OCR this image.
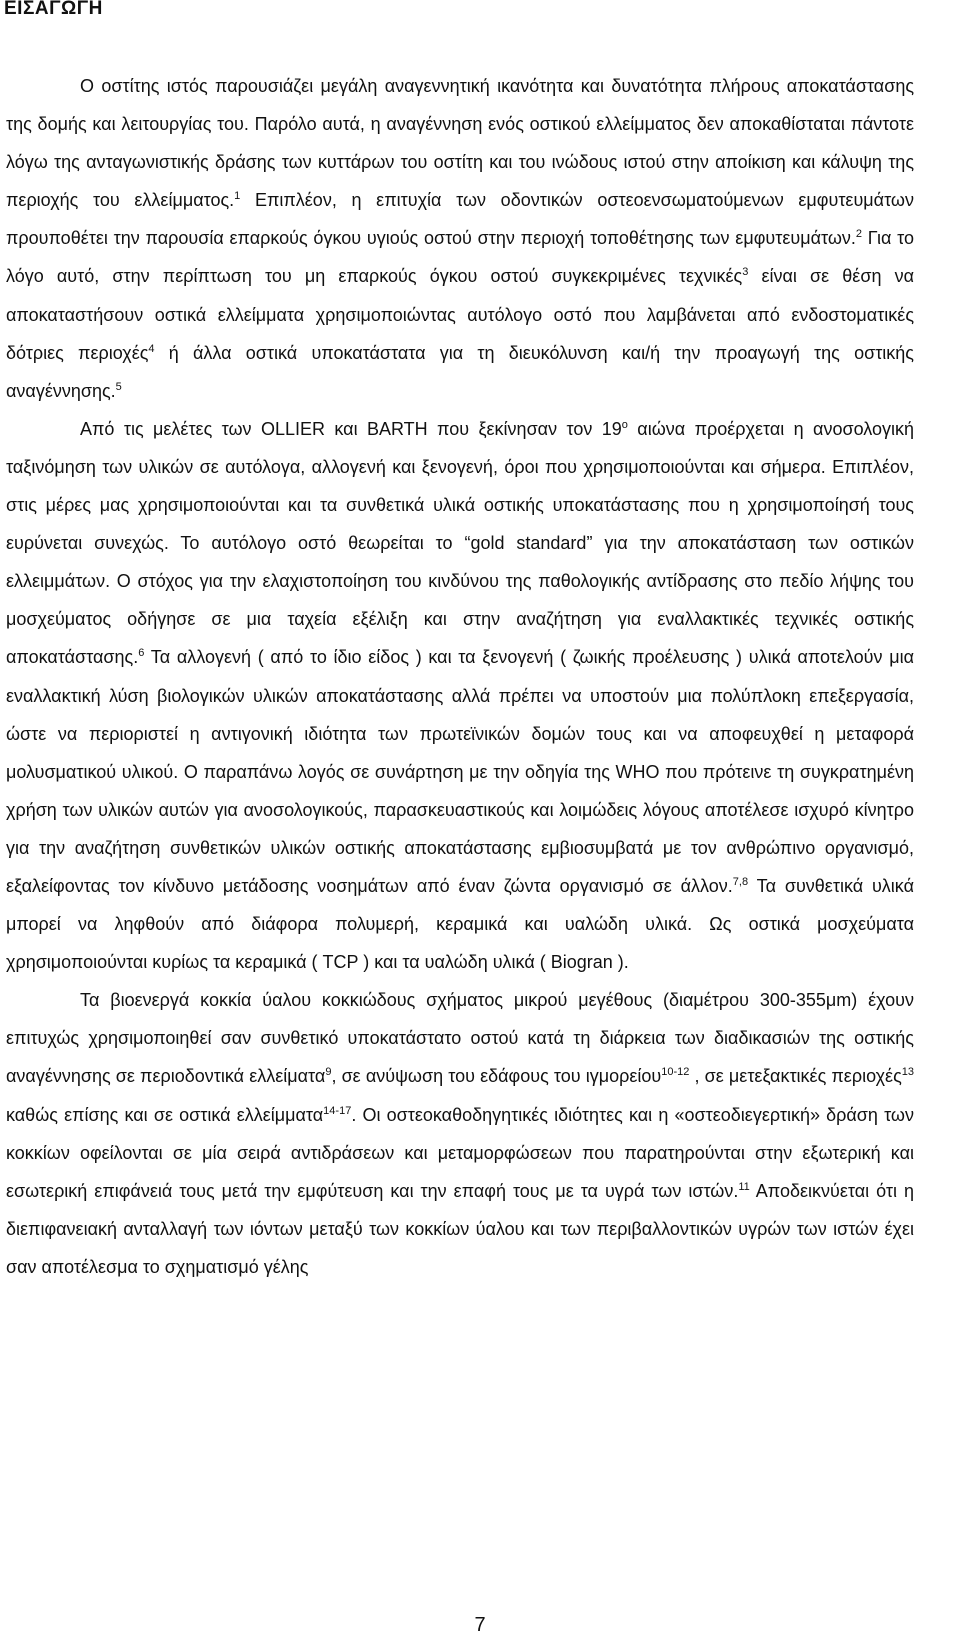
ΕΙΣΑΓΩΓΗ

Ο οστίτης ιστός παρουσιάζει μεγάλη αναγεννητική ικανότητα και δυνατότητα πλήρους αποκατάστασης της δομής και λειτουργίας του. Παρόλο αυτά, η αναγέννηση ενός οστικού ελλείμματος δεν αποκαθίσταται πάντοτε λόγω της ανταγωνιστικής δράσης των κυττάρων του οστίτη και του ινώδους ιστού στην αποίκιση και κάλυψη της περιοχής του ελλείμματος.$^1$ Επιπλέον, η επιτυχία των οδοντικών οστεοενσωματούμενων εμφυτευμάτων προυποθέτει την παρουσία επαρκούς όγκου υγιούς οστού στην περιοχή τοποθέτησης των εμφυτευμάτων.$^2$ Για το λόγο αυτό, στην περίπτωση του μη επαρκούς όγκου οστού συγκεκριμένες τεχνικές$^3$ είναι σε θέση να αποκαταστήσουν οστικά ελλείμματα χρησιμοποιώντας αυτόλογο οστό που λαμβάνεται από ενδοστοματικές δότριες περιοχές$^4$ ή άλλα οστικά υποκατάστατα για τη διευκόλυνση και/ή την προαγωγή της οστικής αναγέννησης.$^5$

Από τις μελέτες των OLLIER και BARTH που ξεκίνησαν τον $19^o$ αιώνα προέρχεται η ανοσολογική ταξινόμηση των υλικών σε αυτόλογα, αλλογενή και ξενογενή, όροι που χρησιμοποιούνται και σήμερα. Επιπλέον, στις μέρες μας χρησιμοποιούνται και τα συνθετικά υλικά οστικής υποκατάστασης που η χρησιμοποίησή τους ευρύνεται συνεχώς. Το αυτόλογο οστό θεωρείται το “gold standard” για την αποκατάσταση των οστικών ελλειμμάτων. Ο στόχος για την ελαχιστοποίηση του κινδύνου της παθολογικής αντίδρασης στο πεδίο λήψης του μοσχεύματος οδήγησε σε μια ταχεία εξέλιξη και στην αναζήτηση για εναλλακτικές τεχνικές οστικής αποκατάστασης.$^6$ Τα αλλογενή ( από το ίδιο είδος ) και τα ξενογενή ( ζωικής προέλευσης ) υλικά αποτελούν μια εναλλακτική λύση βιολογικών υλικών αποκατάστασης αλλά πρέπει να υποστούν μια πολύπλοκη επεξεργασία, ώστε να περιοριστεί η αντιγονική ιδιότητα των πρωτεϊνικών δομών τους και να αποφευχθεί η μεταφορά μολυσματικού υλικού. Ο παραπάνω λογός σε συνάρτηση με την οδηγία της WHO που πρότεινε τη συγκρατημένη χρήση των υλικών αυτών για ανοσολογικούς, παρασκευαστικούς και λοιμώδεις λόγους αποτέλεσε ισχυρό κίνητρο για την αναζήτηση συνθετικών υλικών οστικής αποκατάστασης εμβιοσυμβατά με τον ανθρώπινο οργανισμό, εξαλείφοντας τον κίνδυνο μετάδοσης νοσημάτων από έναν ζώντα οργανισμό σε άλλον.$^{7,8}$ Τα συνθετικά υλικά μπορεί να ληφθούν από διάφορα πολυμερή, κεραμικά και υαλώδη υλικά. Ως οστικά μοσχεύματα χρησιμοποιούνται κυρίως τα κεραμικά ( TCP ) και τα υαλώδη υλικά ( Biogran ).

Τα βιοενεργά κοκκία ύαλου κοκκιώδους σχήματος μικρού μεγέθους (διαμέτρου 300-355μm) έχουν επιτυχώς χρησιμοποιηθεί σαν συνθετικό υποκατάστατο οστού κατά τη διάρκεια των διαδικασιών της οστικής αναγέννησης σε περιοδοντικά ελλείματα$^9$, σε ανύψωση του εδάφους του ιγμορείου$^{10-12}$ , σε μετεξακτικές περιοχές$^{13}$ καθώς επίσης και σε οστικά ελλείμματα$^{14-17}$. Οι οστεοκαθοδηγητικές ιδιότητες και η «οστεοδιεγερτική» δράση των κοκκίων οφείλονται σε μία σειρά αντιδράσεων και μεταμορφώσεων που παρατηρούνται στην εξωτερική και εσωτερική επιφάνειά τους μετά την εμφύτευση και την επαφή τους με τα υγρά των ιστών.$^{11}$ Αποδεικνύεται ότι η διεπιφανειακή ανταλλαγή των ιόντων μεταξύ των κοκκίων ύαλου και των περιβαλλοντικών υγρών των ιστών έχει σαν αποτέλεσμα το σχηματισμό γέλης

7
